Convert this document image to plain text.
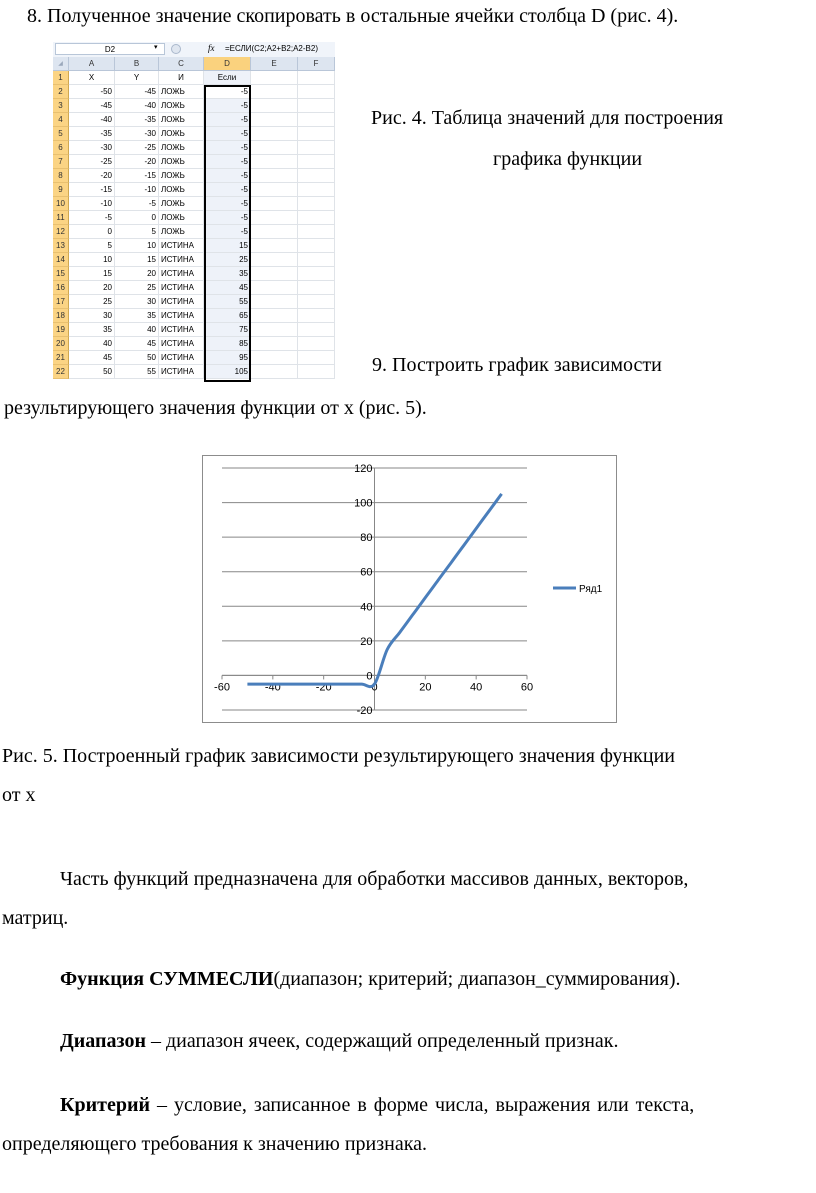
8. Полученное значение скопировать в остальные ячейки столбца D (рис. 4).
D2	▾	fx =ЕСЛИ(C2;A2+B2;A2-B2)
◢	A	B	C	D	E	F
1	X	Y	И	Если
2	-50	-45 ЛОЖЬ	-5
3	-45	-40 ЛОЖЬ	-5
4	-40	-35 ЛОЖЬ	-5
5	-35	-30 ЛОЖЬ	-5
6	-30	-25 ЛОЖЬ	-5
7	-25	-20 ЛОЖЬ	-5
8	-20	-15 ЛОЖЬ	-5
9	-15	-10 ЛОЖЬ	-5
10	-10	-5 ЛОЖЬ	-5
11	-5	0 ЛОЖЬ	-5
12	0	5 ЛОЖЬ	-5
13	5	10 ИСТИНА	15
14	10	15 ИСТИНА	25
15	15	20 ИСТИНА	35
16	20	25 ИСТИНА	45
17	25	30 ИСТИНА	55
18	30	35 ИСТИНА	65
19	35	40 ИСТИНА	75
20	40	45 ИСТИНА	85
21	45	50 ИСТИНА	95
22	50	55 ИСТИНА	105
Рис. 4. Таблица значений для построения
графика функции
9. Построить график зависимости
результирующего значения функции от x (рис. 5).
-20
0
20
40
60
80
100
120
-60	-40	-20	0	20	40	60
Ряд1
Рис. 5. Построенный график зависимости результирующего значения функции
от x
Часть функций предназначена для обработки массивов данных, векторов,
матриц.
Функция СУММЕСЛИ(диапазон; критерий; диапазон_суммирования).
Диапазон – диапазон ячеек, содержащий определенный признак.
Критерий – условие, записанное в форме числа, выражения или текста,
определяющего требования к значению признака.
